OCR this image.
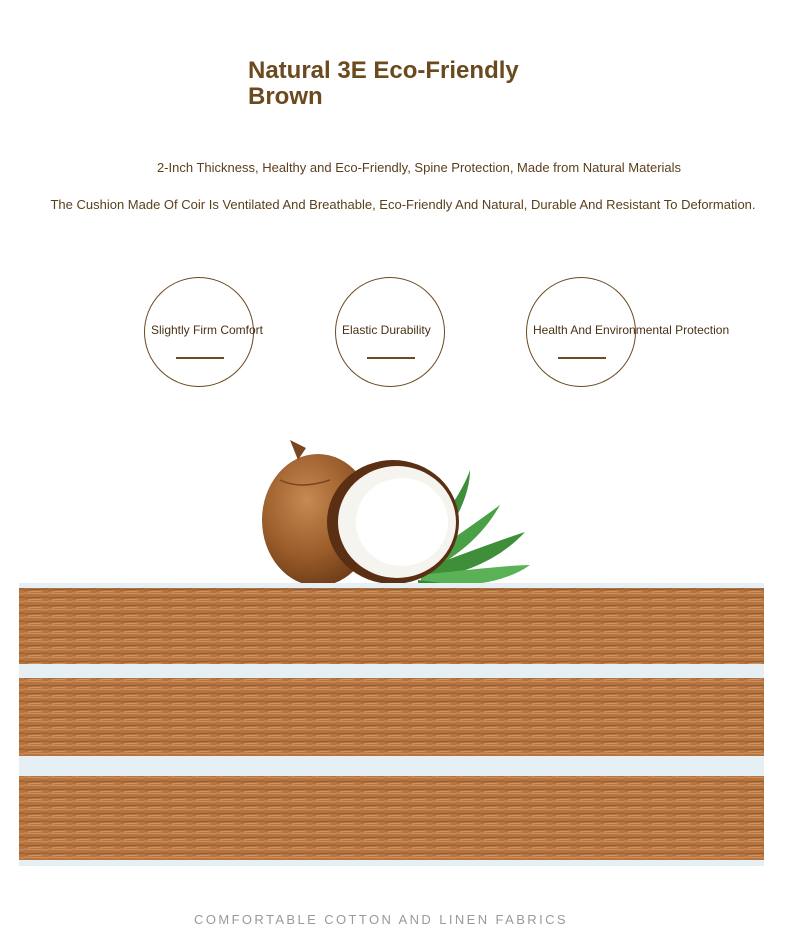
Natural 3E Eco-Friendly
Brown
2-Inch Thickness, Healthy and Eco-Friendly, Spine Protection, Made from Natural Materials
The Cushion Made Of Coir Is Ventilated And Breathable, Eco-Friendly And Natural, Durable And Resistant To Deformation.
Slightly Firm Comfort	Elastic Durability	Health And Environmental Protection
COMFORTABLE COTTON AND LINEN FABRICS
